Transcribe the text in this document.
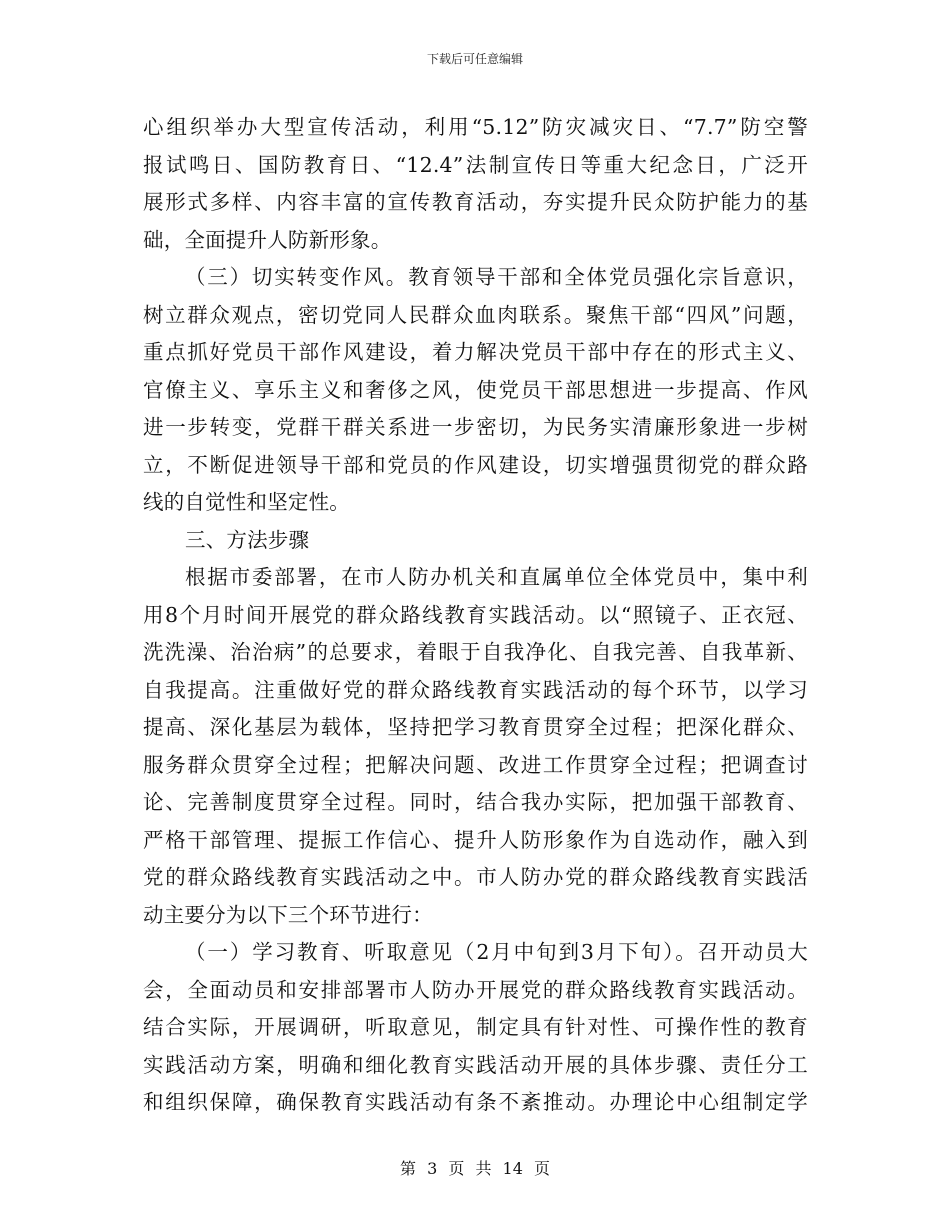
下载后可任意编辑
心组织举办大型宣传活动，利用“5.12”防灾减灾日、“7.7”防空警
报试鸣日、国防教育日、“12.4”法制宣传日等重大纪念日，广泛开
展形式多样、内容丰富的宣传教育活动，夯实提升民众防护能力的基
础，全面提升人防新形象。
（三）切实转变作风。教育领导干部和全体党员强化宗旨意识，
树立群众观点，密切党同人民群众血肉联系。聚焦干部“四风”问题，
重点抓好党员干部作风建设，着力解决党员干部中存在的形式主义、
官僚主义、享乐主义和奢侈之风，使党员干部思想进一步提高、作风
进一步转变，党群干群关系进一步密切，为民务实清廉形象进一步树
立，不断促进领导干部和党员的作风建设，切实增强贯彻党的群众路
线的自觉性和坚定性。
三、方法步骤
根据市委部署，在市人防办机关和直属单位全体党员中，集中利
用8个月时间开展党的群众路线教育实践活动。以“照镜子、正衣冠、
洗洗澡、治治病”的总要求，着眼于自我净化、自我完善、自我革新、
自我提高。注重做好党的群众路线教育实践活动的每个环节，以学习
提高、深化基层为载体，坚持把学习教育贯穿全过程；把深化群众、
服务群众贯穿全过程；把解决问题、改进工作贯穿全过程；把调查讨
论、完善制度贯穿全过程。同时，结合我办实际，把加强干部教育、
严格干部管理、提振工作信心、提升人防形象作为自选动作，融入到
党的群众路线教育实践活动之中。市人防办党的群众路线教育实践活
动主要分为以下三个环节进行：
（一）学习教育、听取意见（2月中旬到3月下旬）。召开动员大
会，全面动员和安排部署市人防办开展党的群众路线教育实践活动。
结合实际，开展调研，听取意见，制定具有针对性、可操作性的教育
实践活动方案，明确和细化教育实践活动开展的具体步骤、责任分工
和组织保障，确保教育实践活动有条不紊推动。办理论中心组制定学
第 3 页 共 14 页
